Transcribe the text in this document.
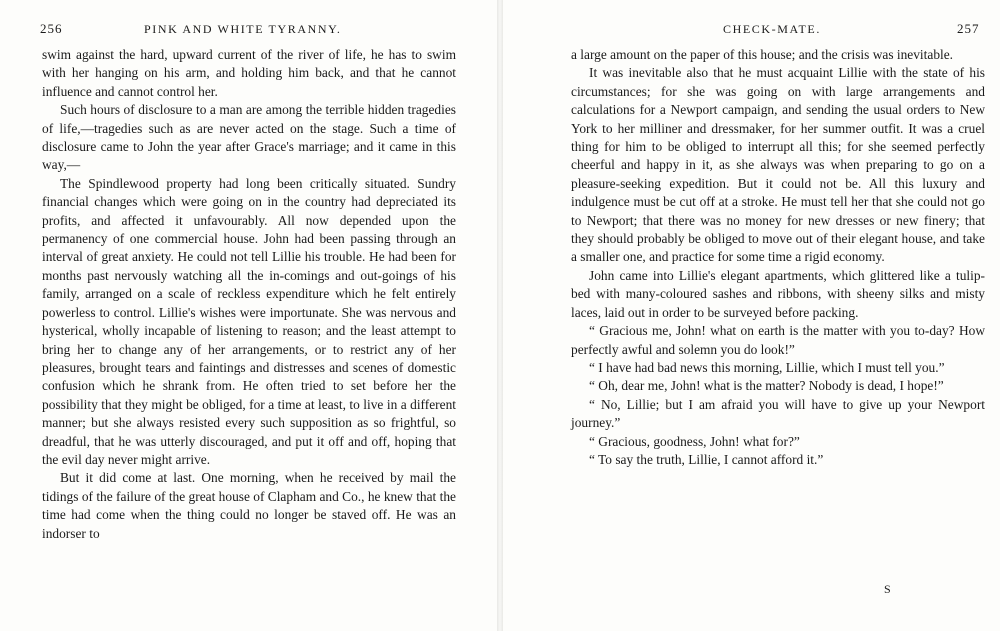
256	PINK AND WHITE TYRANNY.

swim against the hard, upward current of the river of life, he has to swim with her hanging on his arm, and holding him back, and that he cannot influence and cannot control her.

Such hours of disclosure to a man are among the terrible hidden tragedies of life,—tragedies such as are never acted on the stage. Such a time of disclosure came to John the year after Grace's marriage; and it came in this way,—

The Spindlewood property had long been critically situated. Sundry financial changes which were going on in the country had depreciated its profits, and affected it unfavourably. All now depended upon the permanency of one commercial house. John had been passing through an interval of great anxiety. He could not tell Lillie his trouble. He had been for months past nervously watching all the in-comings and out-goings of his family, arranged on a scale of reckless expenditure which he felt entirely powerless to control. Lillie's wishes were importunate. She was nervous and hysterical, wholly incapable of listening to reason; and the least attempt to bring her to change any of her arrangements, or to restrict any of her pleasures, brought tears and faintings and distresses and scenes of domestic confusion which he shrank from. He often tried to set before her the possibility that they might be obliged, for a time at least, to live in a different manner; but she always resisted every such supposition as so frightful, so dreadful, that he was utterly discouraged, and put it off and off, hoping that the evil day never might arrive.

But it did come at last. One morning, when he received by mail the tidings of the failure of the great house of Clapham and Co., he knew that the time had come when the thing could no longer be staved off. He was an indorser to

CHECK-MATE.	257

a large amount on the paper of this house; and the crisis was inevitable.

It was inevitable also that he must acquaint Lillie with the state of his circumstances; for she was going on with large arrangements and calculations for a Newport campaign, and sending the usual orders to New York to her milliner and dressmaker, for her summer outfit. It was a cruel thing for him to be obliged to interrupt all this; for she seemed perfectly cheerful and happy in it, as she always was when preparing to go on a pleasure-seeking expedition. But it could not be. All this luxury and indulgence must be cut off at a stroke. He must tell her that she could not go to Newport; that there was no money for new dresses or new finery; that they should probably be obliged to move out of their elegant house, and take a smaller one, and practice for some time a rigid economy.

John came into Lillie's elegant apartments, which glittered like a tulip-bed with many-coloured sashes and ribbons, with sheeny silks and misty laces, laid out in order to be surveyed before packing.

“ Gracious me, John! what on earth is the matter with you to-day? How perfectly awful and solemn you do look!”

“ I have had bad news this morning, Lillie, which I must tell you.”

“ Oh, dear me, John! what is the matter? Nobody is dead, I hope!”

“ No, Lillie; but I am afraid you will have to give up your Newport journey.”

“ Gracious, goodness, John! what for?”

“ To say the truth, Lillie, I cannot afford it.”

S
